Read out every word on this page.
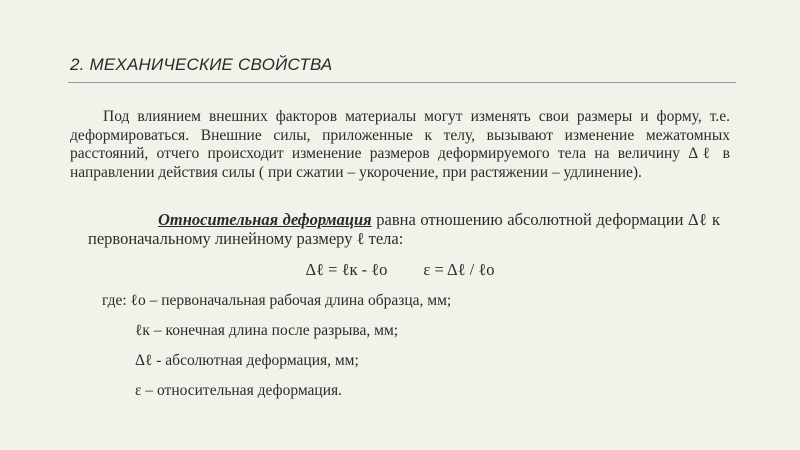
2. МЕХАНИЧЕСКИЕ СВОЙСТВА

Под влиянием внешних факторов материалы могут изменять свои размеры и форму, т.е. деформироваться. Внешние силы, приложенные к телу, вызывают изменение межатомных расстояний, отчего происходит изменение размеров деформируемого тела на величину Δℓ в направлении действия силы ( при сжатии – укорочение, при растяжении – удлинение).

Относительная деформация равна отношению абсолютной деформации Δℓ к первоначальному линейному размеру ℓ тела:

Δℓ = ℓк - ℓо ε = Δℓ / ℓо
где: ℓо – первоначальная рабочая длина образца, мм;
ℓк – конечная длина после разрыва, мм;
Δℓ - абсолютная деформация, мм;
ε – относительная деформация.
